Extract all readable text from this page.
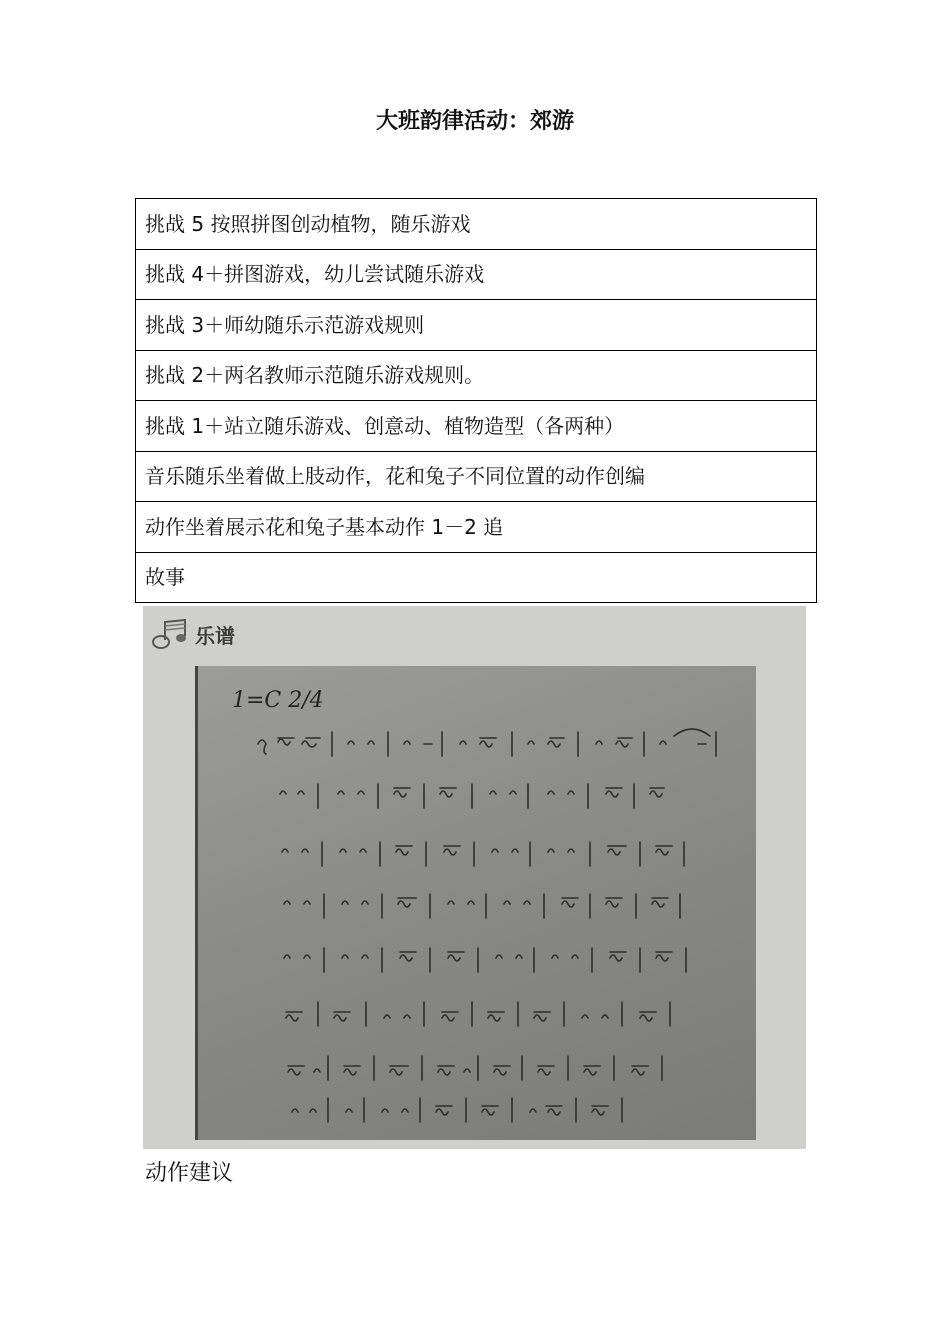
大班韵律活动：郊游
挑战 5 按照拼图创动植物，随乐游戏
挑战 4＋拼图游戏，幼儿尝试随乐游戏
挑战 3＋师幼随乐示范游戏规则
挑战 2＋两名教师示范随乐游戏规则。
挑战 1＋站立随乐游戏、创意动、植物造型（各两种）
音乐随乐坐着做上肢动作，花和兔子不同位置的动作创编
动作坐着展示花和兔子基本动作 1－2 追
故事
乐谱
1=C 2/4
动作建议
